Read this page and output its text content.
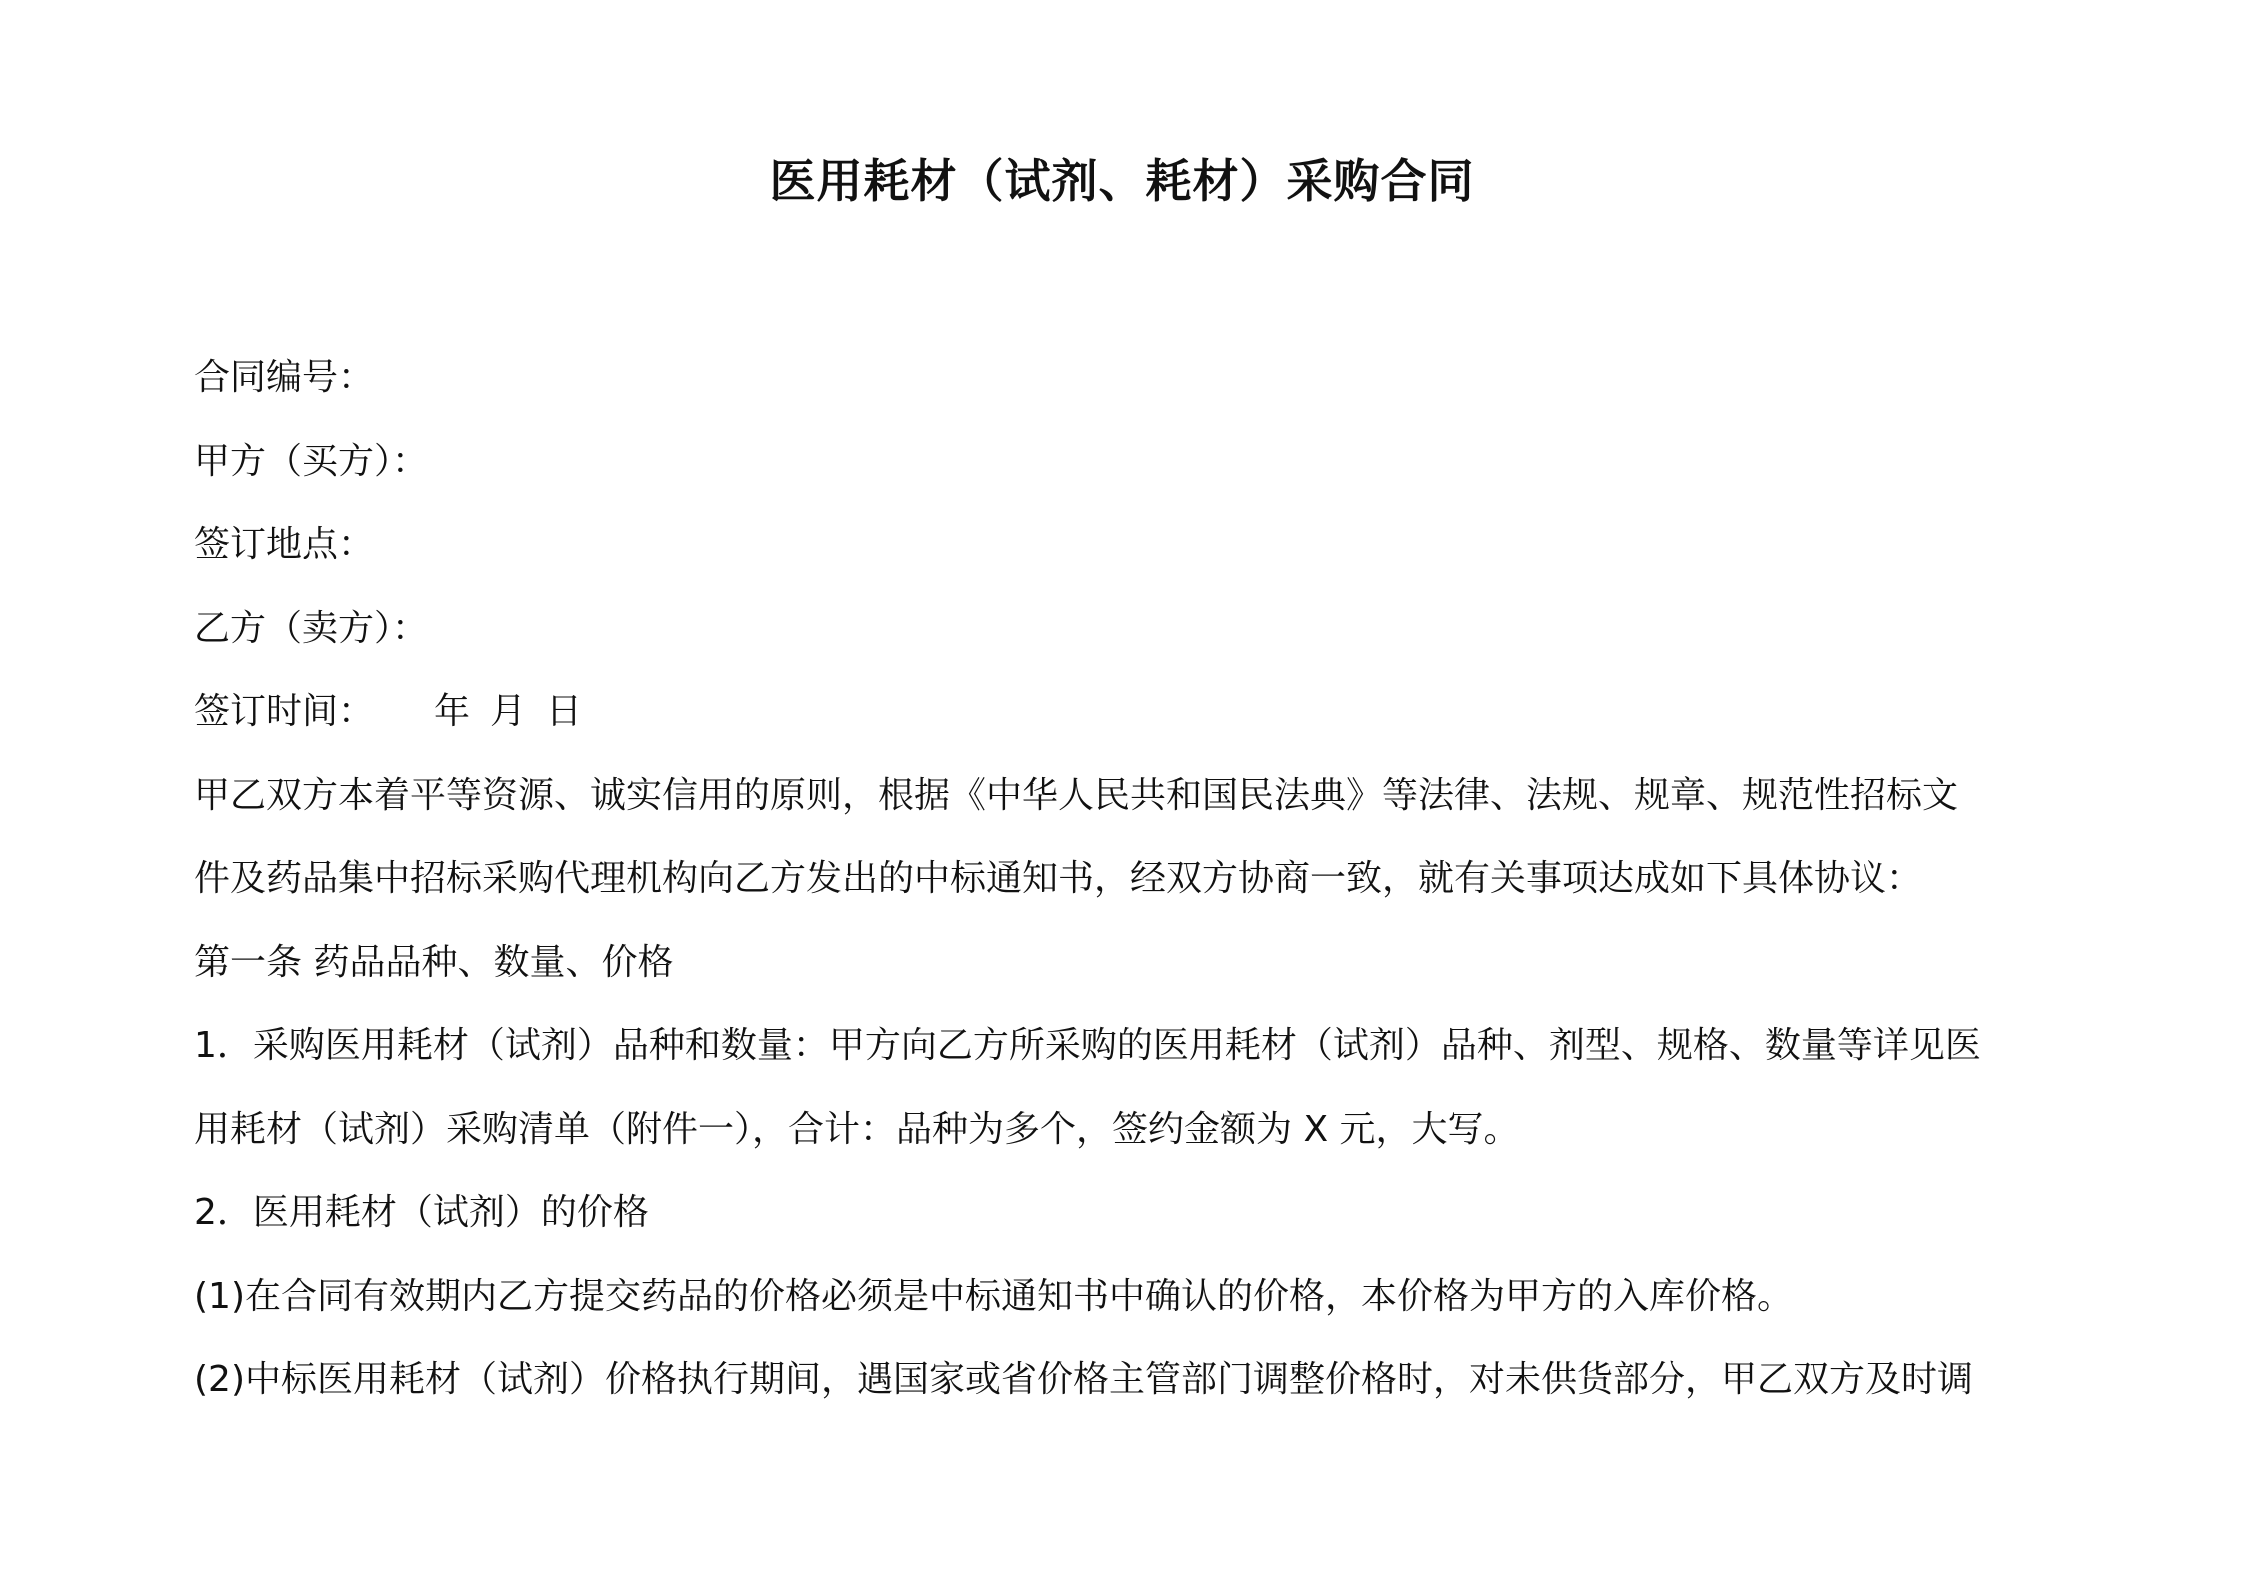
医用耗材（试剂、耗材）采购合同
合同编号：
甲方（买方）：
签订地点：
乙方（卖方）：
签订时间： 年 月 日
甲乙双方本着平等资源、诚实信用的原则，根据《中华人民共和国民法典》等法律、法规、规章、规范性招标文
件及药品集中招标采购代理机构向乙方发出的中标通知书，经双方协商一致，就有关事项达成如下具体协议：
第一条 药品品种、数量、价格
1．采购医用耗材（试剂）品种和数量：甲方向乙方所采购的医用耗材（试剂）品种、剂型、规格、数量等详见医
用耗材（试剂）采购清单（附件一），合计：品种为多个，签约金额为 X 元，大写。
2．医用耗材（试剂）的价格
(1)在合同有效期内乙方提交药品的价格必须是中标通知书中确认的价格，本价格为甲方的入库价格。
(2)中标医用耗材（试剂）价格执行期间，遇国家或省价格主管部门调整价格时，对未供货部分，甲乙双方及时调
